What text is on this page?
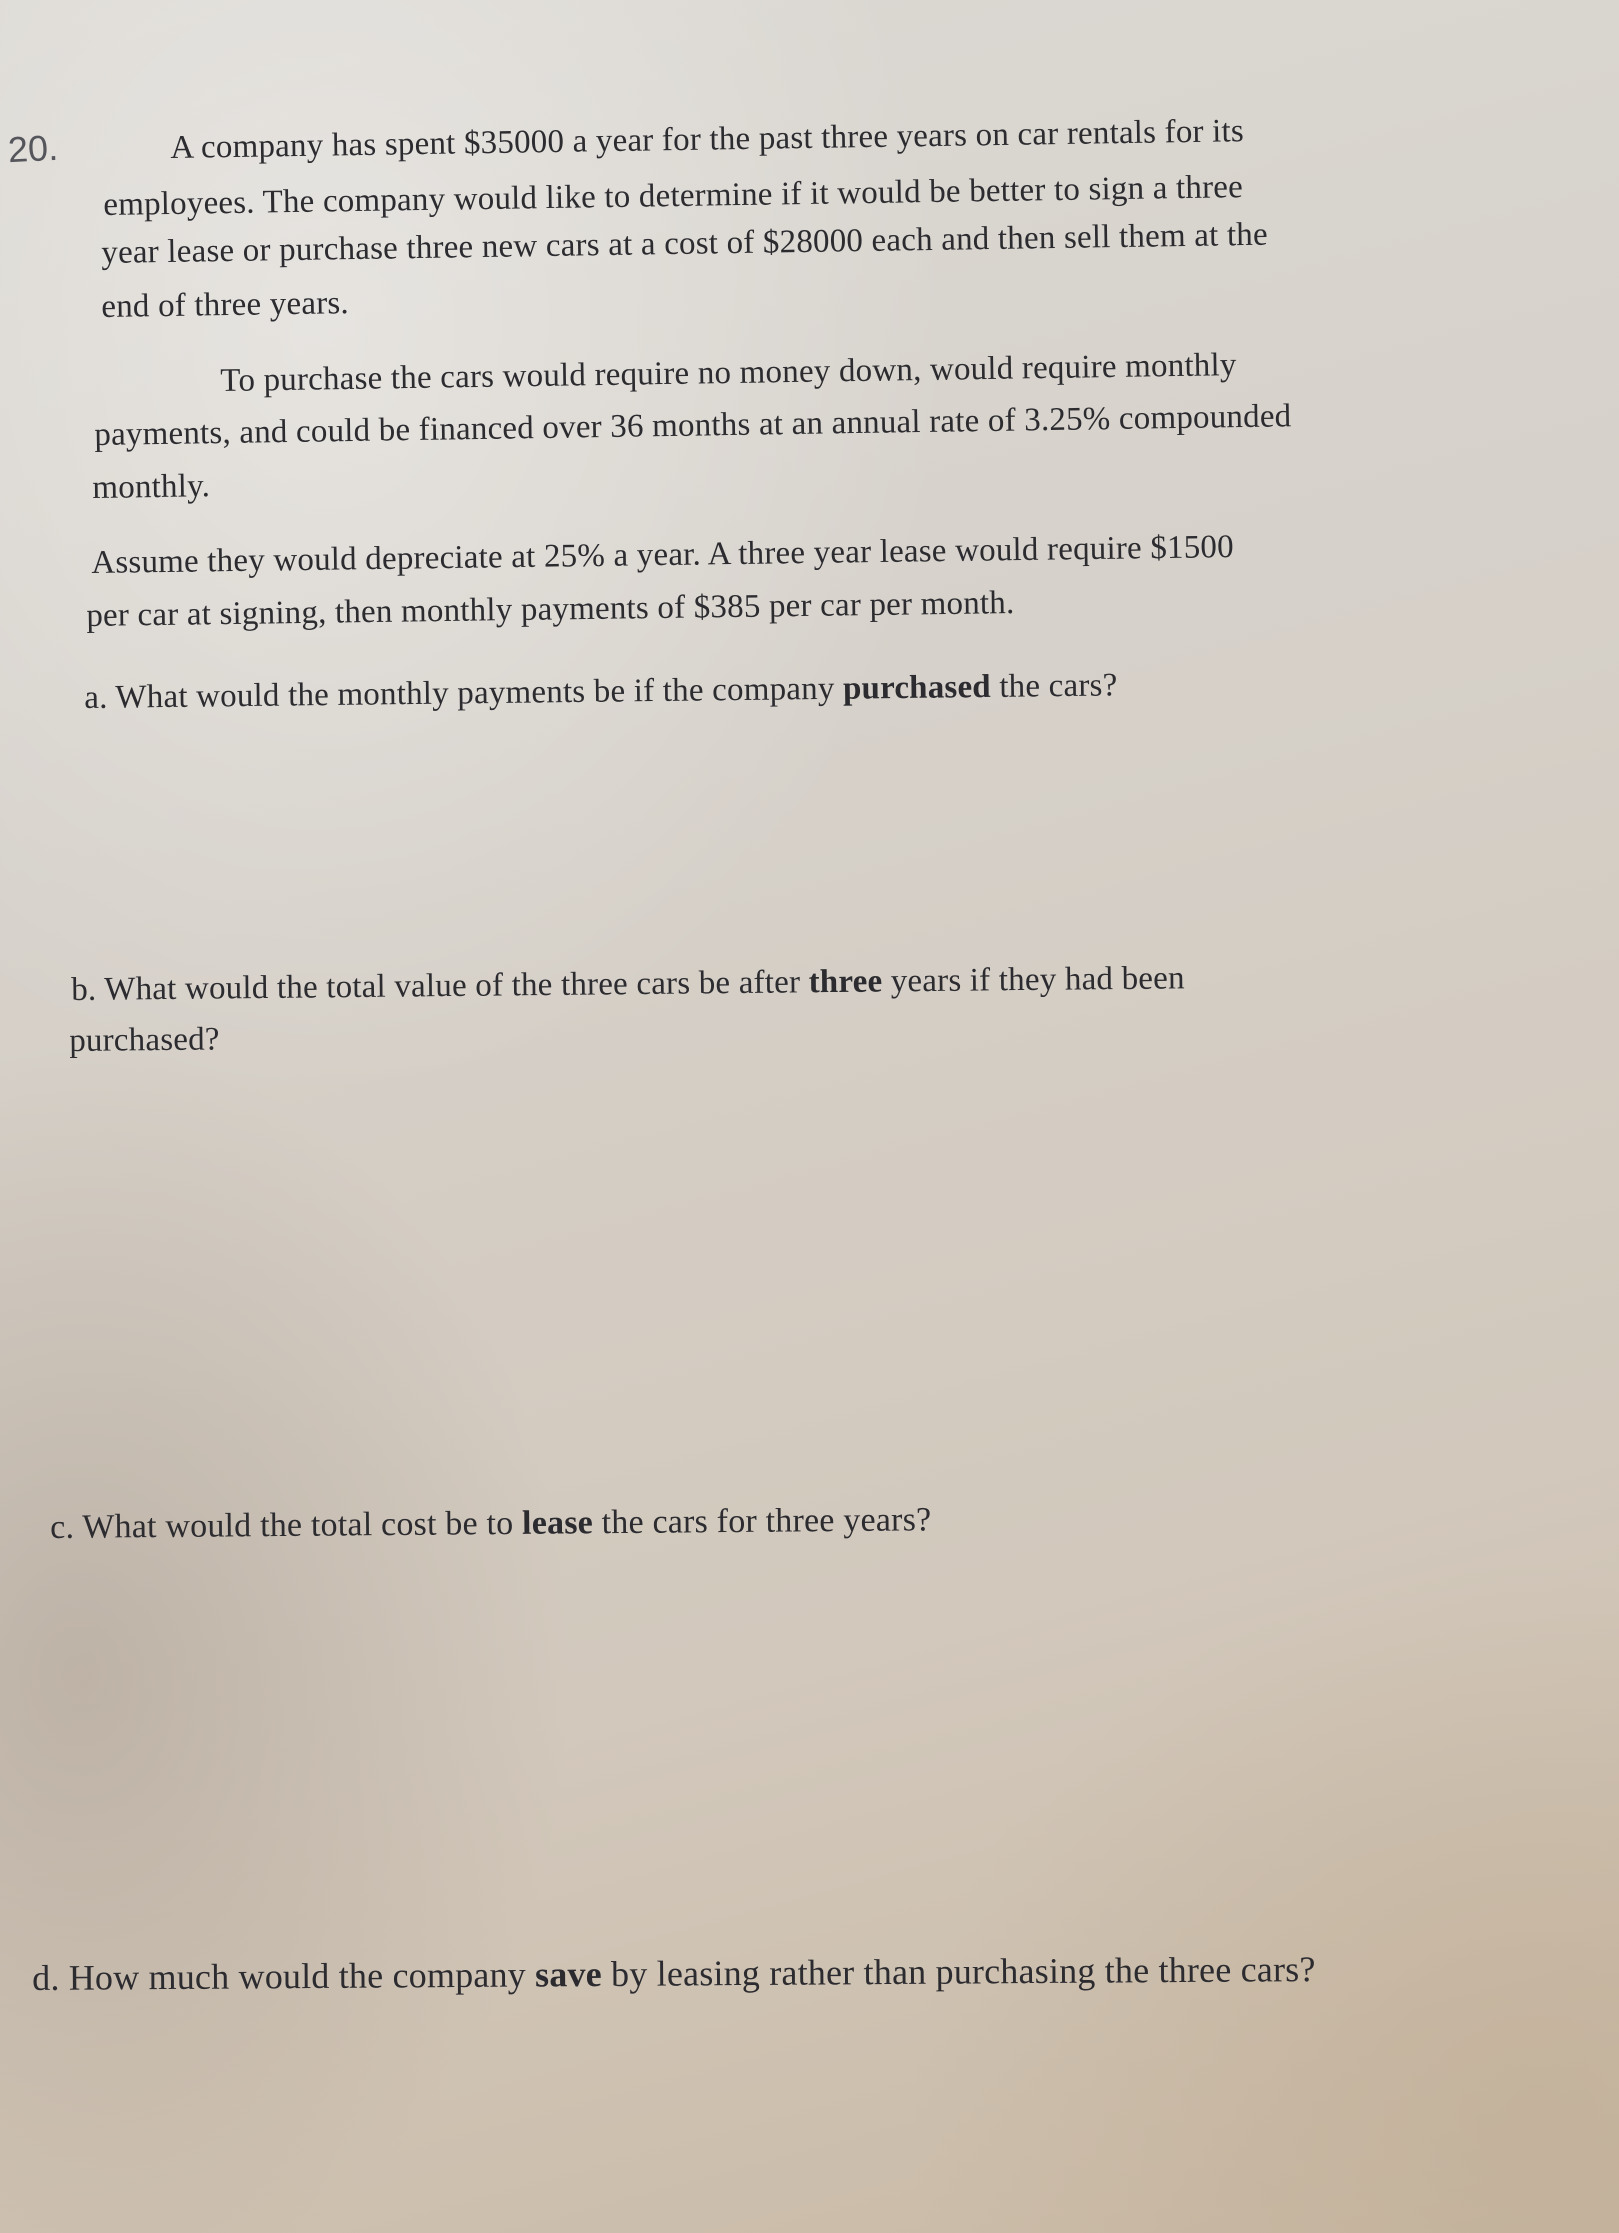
20.	A company has spent $35000 a year for the past three years on car rentals for its
employees. The company would like to determine if it would be better to sign a three
year lease or purchase three new cars at a cost of $28000 each and then sell them at the
end of three years.
To purchase the cars would require no money down, would require monthly
payments, and could be financed over 36 months at an annual rate of 3.25% compounded
monthly.
Assume they would depreciate at 25% a year. A three year lease would require $1500
per car at signing, then monthly payments of $385 per car per month.
a. What would the monthly payments be if the company purchased the cars?
b. What would the total value of the three cars be after three years if they had been
purchased?
c. What would the total cost be to lease the cars for three years?
d. How much would the company save by leasing rather than purchasing the three cars?
